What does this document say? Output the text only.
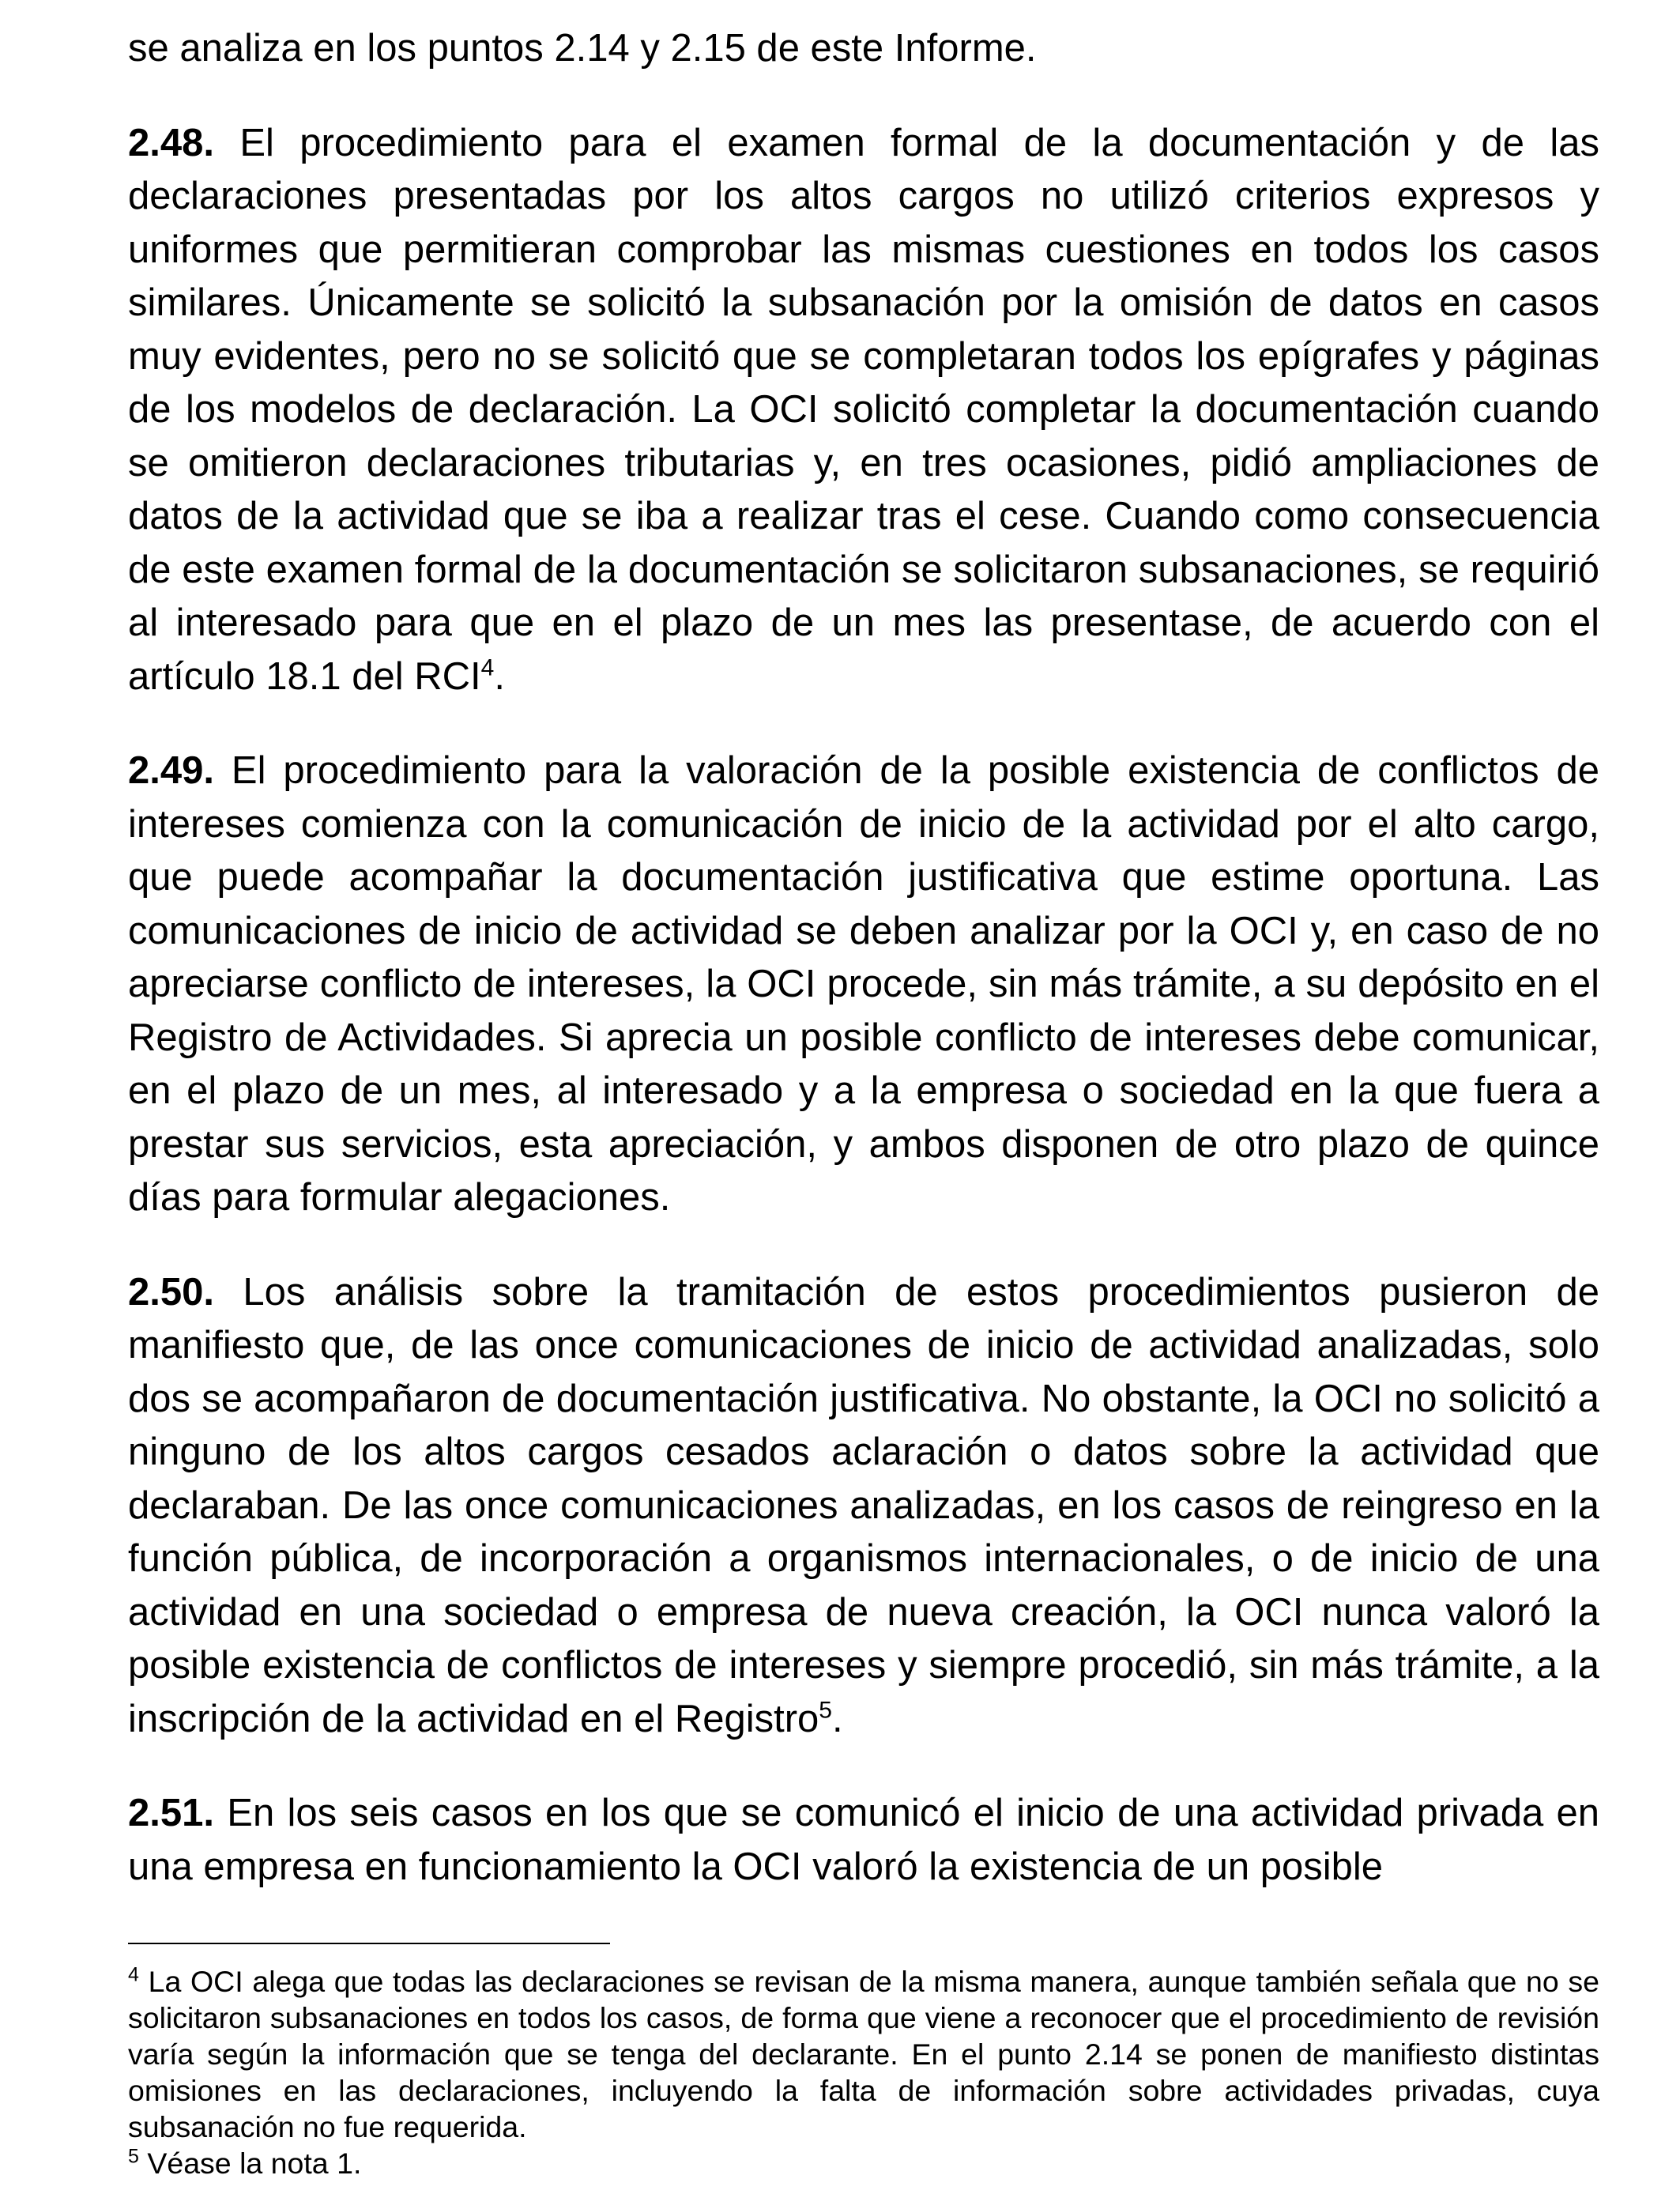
se analiza en los puntos 2.14 y 2.15 de este Informe.

2.48. El procedimiento para el examen formal de la documentación y de las declaraciones presentadas por los altos cargos no utilizó criterios expresos y uniformes que permitieran comprobar las mismas cuestiones en todos los casos similares. Únicamente se solicitó la subsanación por la omisión de datos en casos muy evidentes, pero no se solicitó que se completaran todos los epígrafes y páginas de los modelos de declaración. La OCI solicitó completar la documentación cuando se omitieron declaraciones tributarias y, en tres ocasiones, pidió ampliaciones de datos de la actividad que se iba a realizar tras el cese. Cuando como consecuencia de este examen formal de la documentación se solicitaron subsanaciones, se requirió al interesado para que en el plazo de un mes las presentase, de acuerdo con el artículo 18.1 del RCI$^4$.

2.49. El procedimiento para la valoración de la posible existencia de conflictos de intereses comienza con la comunicación de inicio de la actividad por el alto cargo, que puede acompañar la documentación justificativa que estime oportuna. Las comunicaciones de inicio de actividad se deben analizar por la OCI y, en caso de no apreciarse conflicto de intereses, la OCI procede, sin más trámite, a su depósito en el Registro de Actividades. Si aprecia un posible conflicto de intereses debe comunicar, en el plazo de un mes, al interesado y a la empresa o sociedad en la que fuera a prestar sus servicios, esta apreciación, y ambos disponen de otro plazo de quince días para formular alegaciones.

2.50. Los análisis sobre la tramitación de estos procedimientos pusieron de manifiesto que, de las once comunicaciones de inicio de actividad analizadas, solo dos se acompañaron de documentación justificativa. No obstante, la OCI no solicitó a ninguno de los altos cargos cesados aclaración o datos sobre la actividad que declaraban. De las once comunicaciones analizadas, en los casos de reingreso en la función pública, de incorporación a organismos internacionales, o de inicio de una actividad en una sociedad o empresa de nueva creación, la OCI nunca valoró la posible existencia de conflictos de intereses y siempre procedió, sin más trámite, a la inscripción de la actividad en el Registro$^5$.

2.51. En los seis casos en los que se comunicó el inicio de una actividad privada en una empresa en funcionamiento la OCI valoró la existencia de un posible

$^4$ La OCI alega que todas las declaraciones se revisan de la misma manera, aunque también señala que no se solicitaron subsanaciones en todos los casos, de forma que viene a reconocer que el procedimiento de revisión varía según la información que se tenga del declarante. En el punto 2.14 se ponen de manifiesto distintas omisiones en las declaraciones, incluyendo la falta de información sobre actividades privadas, cuya subsanación no fue requerida.

$^5$ Véase la nota 1.
